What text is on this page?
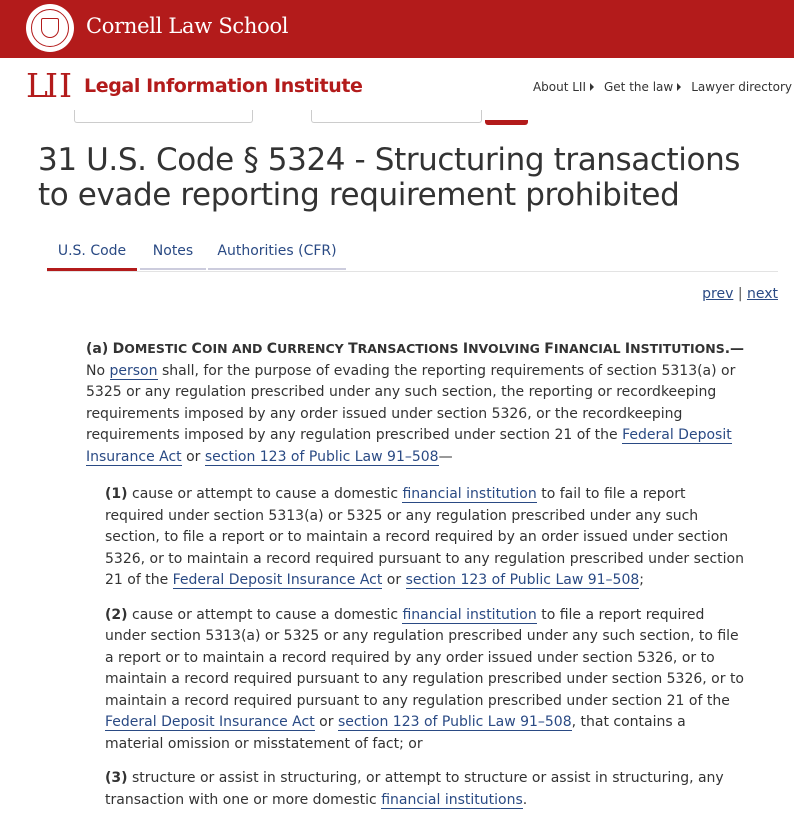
Cornell Law School
L
I I Legal Information Institute	About LII Get the law Lawyer directory
31 U.S. Code § 5324 - Structuring transactions to evade reporting requirement prohibited
U.S. Code	Notes	Authorities (CFR)
prev | next

(a) DOMESTIC COIN AND CURRENCY TRANSACTIONS INVOLVING FINANCIAL INSTITUTIONS.—No person shall, for the purpose of evading the reporting requirements of section 5313(a) or 5325 or any regulation prescribed under any such section, the reporting or recordkeeping requirements imposed by any order issued under section 5326, or the recordkeeping requirements imposed by any regulation prescribed under section 21 of the Federal Deposit Insurance Act or section 123 of Public Law 91–508—

(1) cause or attempt to cause a domestic financial institution to fail to file a report required under section 5313(a) or 5325 or any regulation prescribed under any such section, to file a report or to maintain a record required by an order issued under section 5326, or to maintain a record required pursuant to any regulation prescribed under section 21 of the Federal Deposit Insurance Act or section 123 of Public Law 91–508;

(2) cause or attempt to cause a domestic financial institution to file a report required under section 5313(a) or 5325 or any regulation prescribed under any such section, to file a report or to maintain a record required by any order issued under section 5326, or to maintain a record required pursuant to any regulation prescribed under section 5326, or to maintain a record required pursuant to any regulation prescribed under section 21 of the Federal Deposit Insurance Act or section 123 of Public Law 91–508, that contains a material omission or misstatement of fact; or

(3) structure or assist in structuring, or attempt to structure or assist in structuring, any transaction with one or more domestic financial institutions.
